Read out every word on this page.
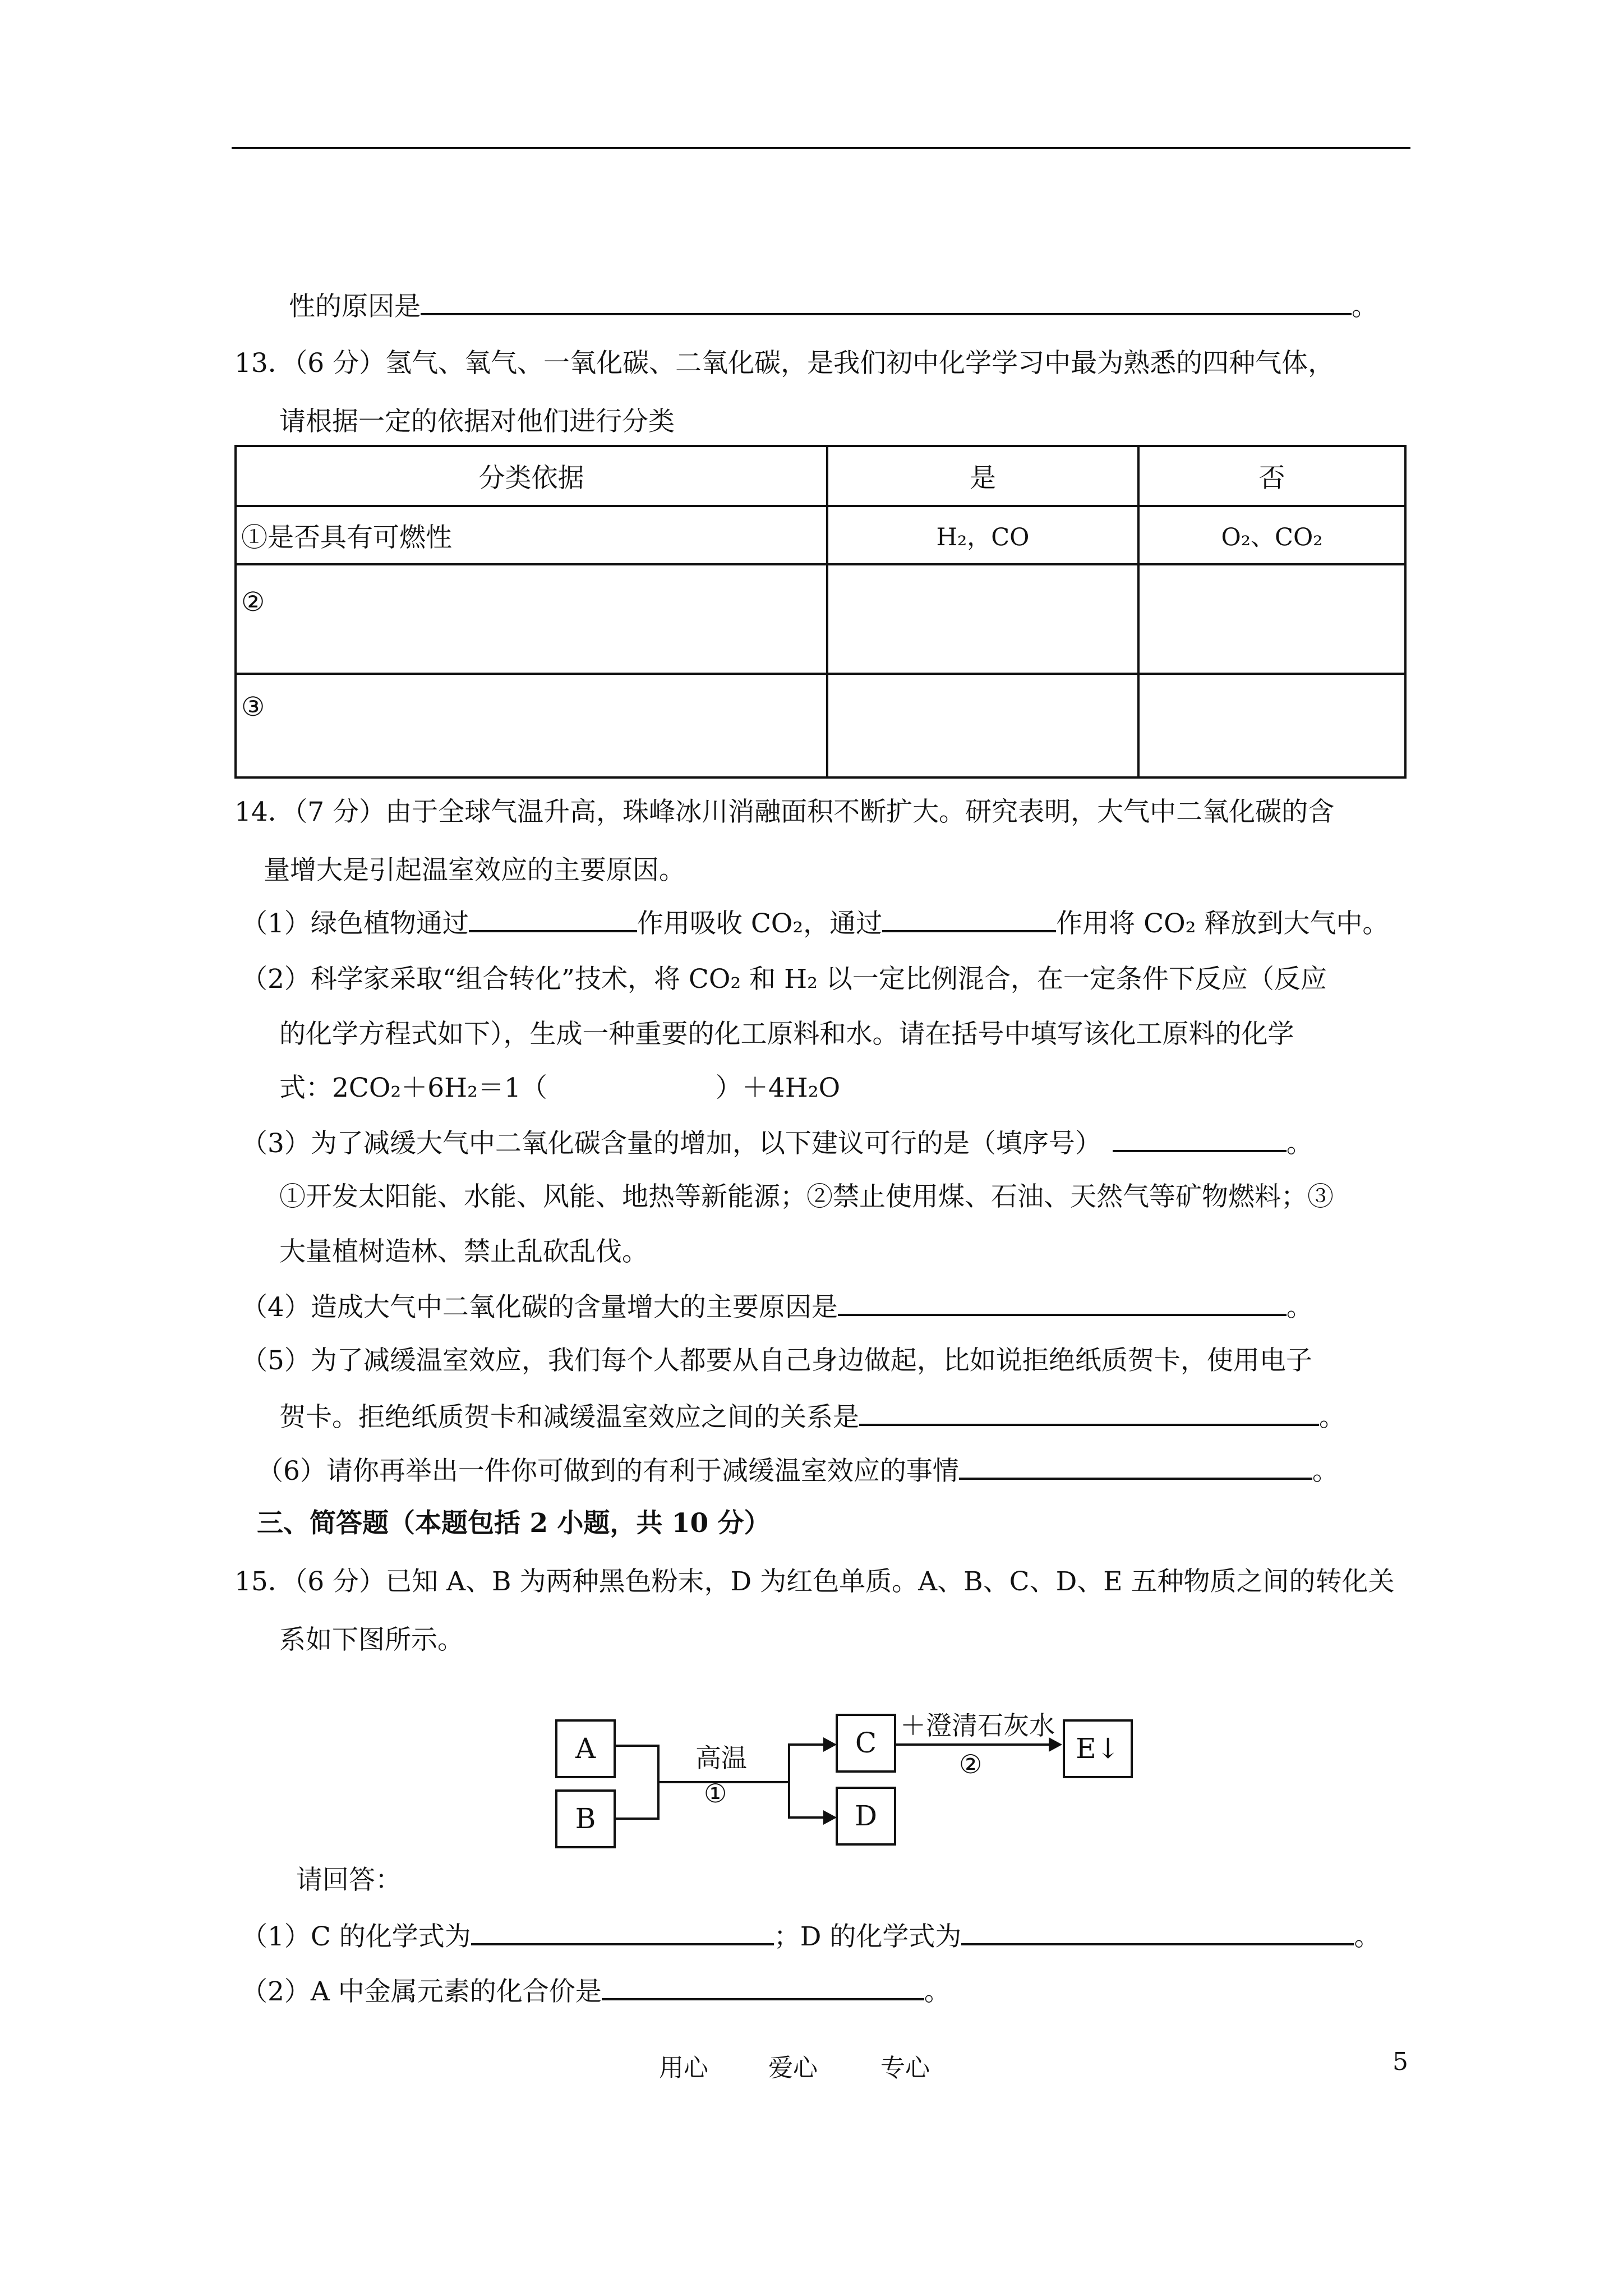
性的原因是	。
13．（6 分）氢气、氧气、一氧化碳、二氧化碳，是我们初中化学学习中最为熟悉的四种气体，
请根据一定的依据对他们进行分类
分类依据	是	否
①是否具有可燃性	H₂，CO	O₂、CO₂
②		
③		
14．（7 分）由于全球气温升高，珠峰冰川消融面积不断扩大。研究表明，大气中二氧化碳的含
量增大是引起温室效应的主要原因。
（1）绿色植物通过	作用吸收 CO₂，通过	作用将 CO₂ 释放到大气中。
（2）科学家采取“组合转化”技术，将 CO₂ 和 H₂ 以一定比例混合，在一定条件下反应（反应
的化学方程式如下），生成一种重要的化工原料和水。请在括号中填写该化工原料的化学
式：2CO₂＋6H₂＝1（	）＋4H₂O
（3）为了减缓大气中二氧化碳含量的增加，以下建议可行的是（填序号）	。
①开发太阳能、水能、风能、地热等新能源；②禁止使用煤、石油、天然气等矿物燃料；③
大量植树造林、禁止乱砍乱伐。
（4）造成大气中二氧化碳的含量增大的主要原因是	。
（5）为了减缓温室效应，我们每个人都要从自己身边做起，比如说拒绝纸质贺卡，使用电子
贺卡。拒绝纸质贺卡和减缓温室效应之间的关系是	。
（6）请你再举出一件你可做到的有利于减缓温室效应的事情	。
三、简答题（本题包括 2 小题，共 10 分）
15．（6 分）已知 A、B 为两种黑色粉末，D 为红色单质。A、B、C、D、E 五种物质之间的转化关
系如下图所示。
A
B
C
D
E↓
高温
①
＋澄清石灰水
②
请回答：
（1）C 的化学式为	；D 的化学式为	。
（2）A 中金属元素的化合价是	。
用心 爱心	专心	5
